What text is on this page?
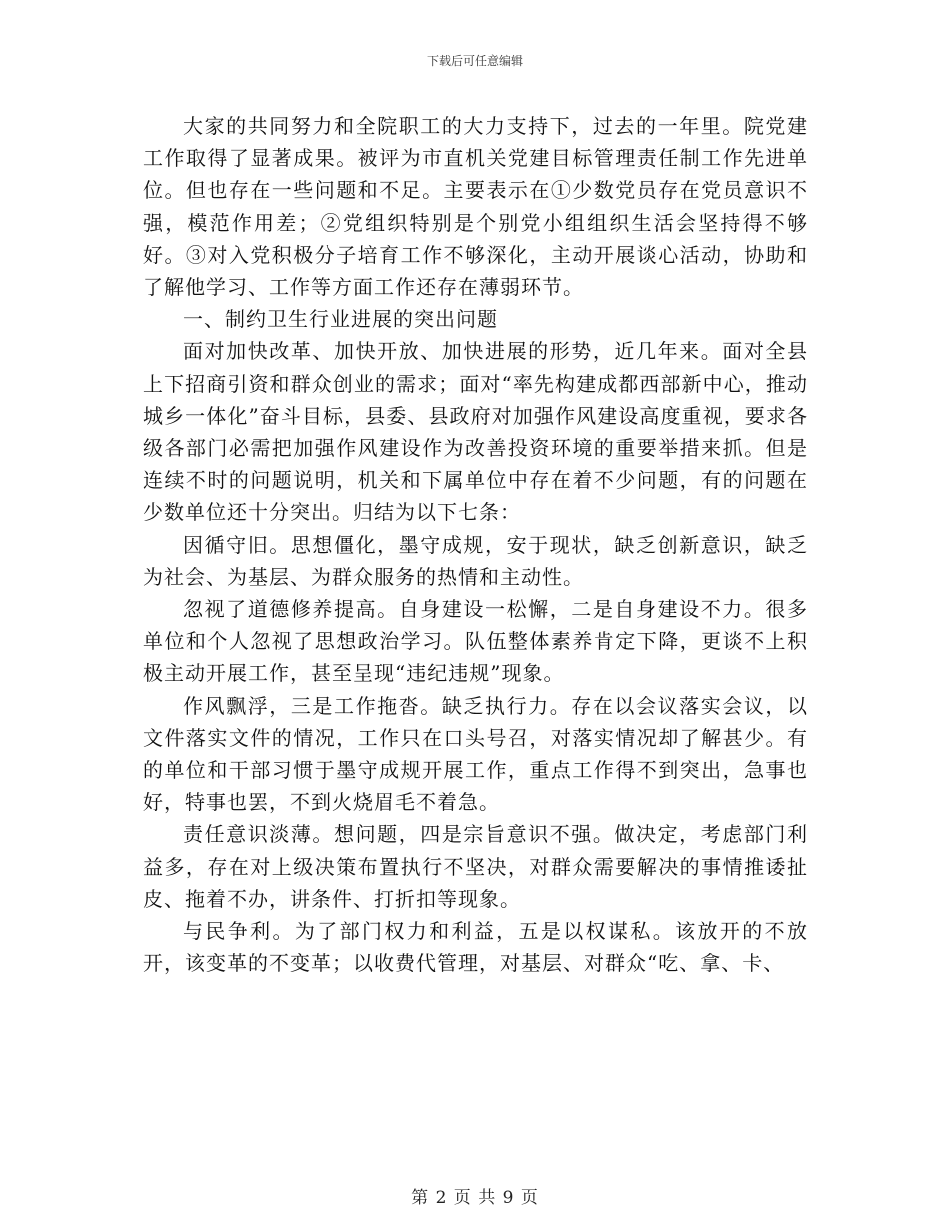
下载后可任意编辑

大家的共同努力和全院职工的大力支持下，过去的一年里。院党建工作取得了显著成果。被评为市直机关党建目标管理责任制工作先进单位。但也存在一些问题和不足。主要表示在①少数党员存在党员意识不强，模范作用差；②党组织特别是个别党小组组织生活会坚持得不够好。③对入党积极分子培育工作不够深化，主动开展谈心活动，协助和了解他学习、工作等方面工作还存在薄弱环节。

一、制约卫生行业进展的突出问题

面对加快改革、加快开放、加快进展的形势，近几年来。面对全县上下招商引资和群众创业的需求；面对“率先构建成都西部新中心，推动城乡一体化”奋斗目标，县委、县政府对加强作风建设高度重视，要求各级各部门必需把加强作风建设作为改善投资环境的重要举措来抓。但是连续不时的问题说明，机关和下属单位中存在着不少问题，有的问题在少数单位还十分突出。归结为以下七条：

因循守旧。思想僵化，墨守成规，安于现状，缺乏创新意识，缺乏为社会、为基层、为群众服务的热情和主动性。

忽视了道德修养提高。自身建设一松懈，二是自身建设不力。很多单位和个人忽视了思想政治学习。队伍整体素养肯定下降，更谈不上积极主动开展工作，甚至呈现“违纪违规”现象。

作风飘浮，三是工作拖沓。缺乏执行力。存在以会议落实会议，以文件落实文件的情况，工作只在口头号召，对落实情况却了解甚少。有的单位和干部习惯于墨守成规开展工作，重点工作得不到突出，急事也好，特事也罢，不到火烧眉毛不着急。

责任意识淡薄。想问题，四是宗旨意识不强。做决定，考虑部门利益多，存在对上级决策布置执行不坚决，对群众需要解决的事情推诿扯皮、拖着不办，讲条件、打折扣等现象。

与民争利。为了部门权力和利益，五是以权谋私。该放开的不放开，该变革的不变革；以收费代管理，对基层、对群众“吃、拿、卡、

第 2 页 共 9 页
